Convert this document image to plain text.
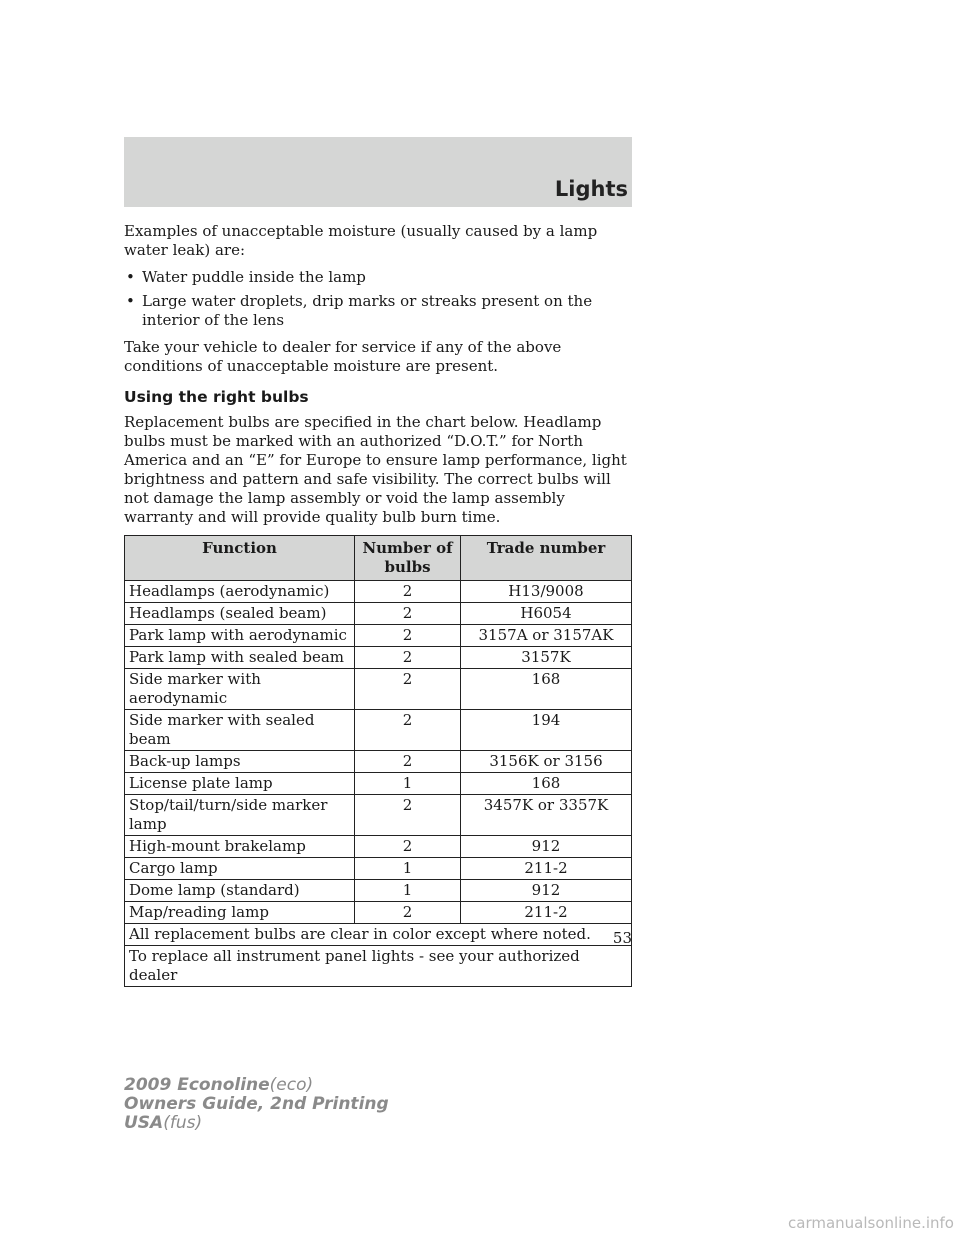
Lights

Examples of unacceptable moisture (usually caused by a lamp water leak) are:

• Water puddle inside the lamp
• Large water droplets, drip marks or streaks present on the interior of the lens

Take your vehicle to dealer for service if any of the above conditions of unacceptable moisture are present.

Using the right bulbs

Replacement bulbs are specified in the chart below. Headlamp bulbs must be marked with an authorized “D.O.T.” for North America and an “E” for Europe to ensure lamp performance, light brightness and pattern and safe visibility. The correct bulbs will not damage the lamp assembly or void the lamp assembly warranty and will provide quality bulb burn time.

Function	Number of bulbs	Trade number
Headlamps (aerodynamic)	2	H13/9008
Headlamps (sealed beam)	2	H6054
Park lamp with aerodynamic	2	3157A or 3157AK
Park lamp with sealed beam	2	3157K
Side marker with aerodynamic	2	168
Side marker with sealed beam	2	194
Back-up lamps	2	3156K or 3156
License plate lamp	1	168
Stop/tail/turn/side marker lamp	2	3457K or 3357K
High-mount brakelamp	2	912
Cargo lamp	1	211-2
Dome lamp (standard)	1	912
Map/reading lamp	2	211-2
All replacement bulbs are clear in color except where noted.		
To replace all instrument panel lights - see your authorized dealer		
53
2009 Econoline(eco)
Owners Guide, 2nd Printing
USA(fus)
carmanualsonline.info
